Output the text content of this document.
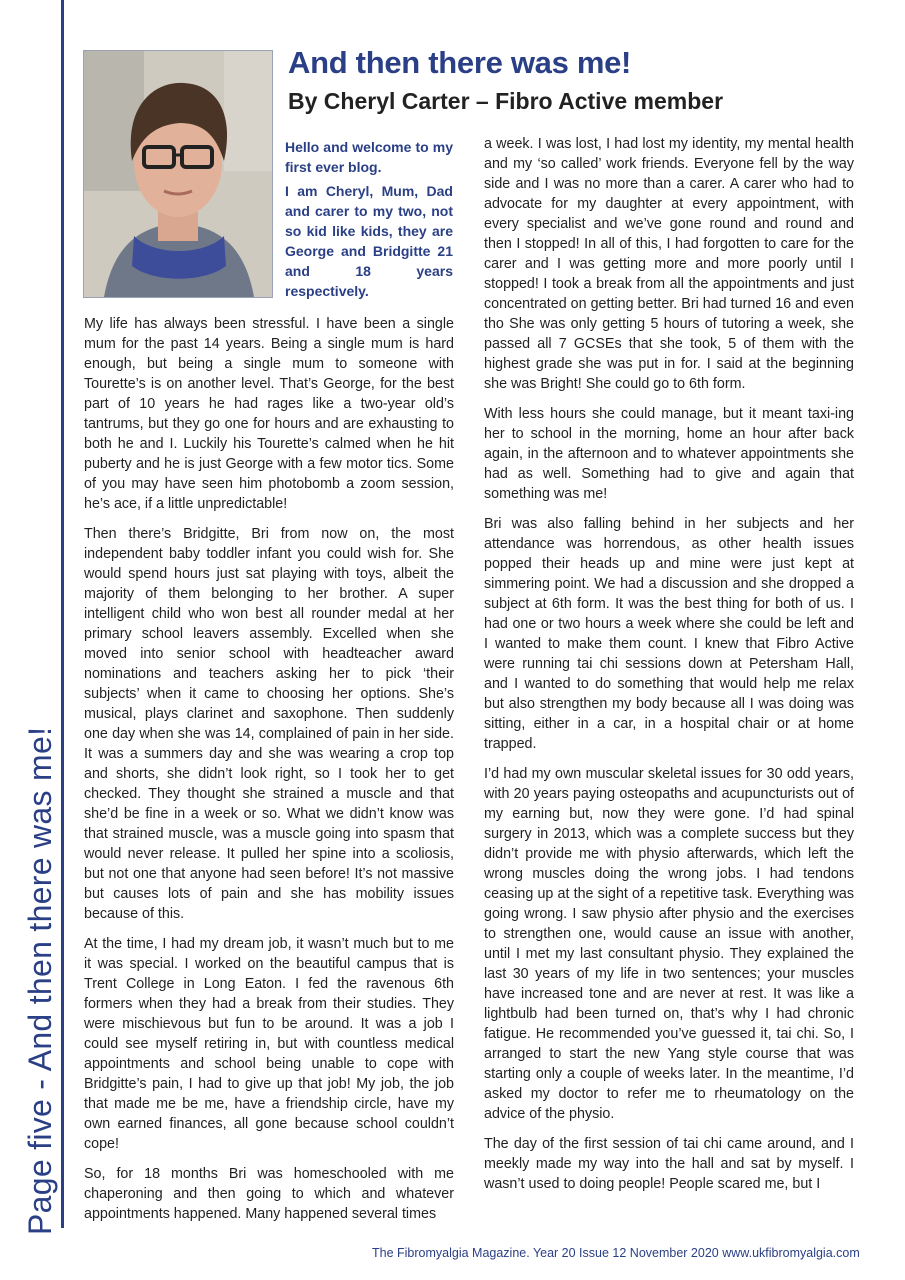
Page five - And then there was me!
And then there was me!
By Cheryl Carter – Fibro Active member

Hello and welcome to my first ever blog.

I am Cheryl, Mum, Dad and carer to my two, not so kid like kids, they are George and Bridgitte 21 and 18 years respectively.

My life has always been stressful. I have been a single mum for the past 14 years. Being a single mum is hard enough, but being a single mum to someone with Tourette’s is on another level. That’s George, for the best part of 10 years he had rages like a two-year old’s tantrums, but they go one for hours and are exhausting to both he and I. Luckily his Tourette’s calmed when he hit puberty and he is just George with a few motor tics. Some of you may have seen him photobomb a zoom session, he’s ace, if a little unpredictable!

Then there’s Bridgitte, Bri from now on, the most independent baby toddler infant you could wish for. She would spend hours just sat playing with toys, albeit the majority of them belonging to her brother. A super intelligent child who won best all rounder medal at her primary school leavers assembly. Excelled when she moved into senior school with headteacher award nominations and teachers asking her to pick ‘their subjects’ when it came to choosing her options. She’s musical, plays clarinet and saxophone. Then suddenly one day when she was 14, complained of pain in her side. It was a summers day and she was wearing a crop top and shorts, she didn’t look right, so I took her to get checked. They thought she strained a muscle and that she’d be fine in a week or so. What we didn’t know was that strained muscle, was a muscle going into spasm that would never release. It pulled her spine into a scoliosis, but not one that anyone had seen before! It’s not massive but causes lots of pain and she has mobility issues because of this.

At the time, I had my dream job, it wasn’t much but to me it was special. I worked on the beautiful campus that is Trent College in Long Eaton. I fed the ravenous 6th formers when they had a break from their studies. They were mischievous but fun to be around. It was a job I could see myself retiring in, but with countless medical appointments and school being unable to cope with Bridgitte’s pain, I had to give up that job! My job, the job that made me be me, have a friendship circle, have my own earned finances, all gone because school couldn’t cope!

So, for 18 months Bri was homeschooled with me chaperoning and then going to which and whatever appointments happened. Many happened several times

a week. I was lost, I had lost my identity, my mental health and my ‘so called’ work friends. Everyone fell by the way side and I was no more than a carer. A carer who had to advocate for my daughter at every appointment, with every specialist and we’ve gone round and round and then I stopped! In all of this, I had forgotten to care for the carer and I was getting more and more poorly until I stopped! I took a break from all the appointments and just concentrated on getting better. Bri had turned 16 and even tho She was only getting 5 hours of tutoring a week, she passed all 7 GCSEs that she took, 5 of them with the highest grade she was put in for. I said at the beginning she was Bright! She could go to 6th form.

With less hours she could manage, but it meant taxi-ing her to school in the morning, home an hour after back again, in the afternoon and to whatever appointments she had as well. Something had to give and again that something was me!

Bri was also falling behind in her subjects and her attendance was horrendous, as other health issues popped their heads up and mine were just kept at simmering point. We had a discussion and she dropped a subject at 6th form. It was the best thing for both of us. I had one or two hours a week where she could be left and I wanted to make them count. I knew that Fibro Active were running tai chi sessions down at Petersham Hall, and I wanted to do something that would help me relax but also strengthen my body because all I was doing was sitting, either in a car, in a hospital chair or at home trapped.

I’d had my own muscular skeletal issues for 30 odd years, with 20 years paying osteopaths and acupuncturists out of my earning but, now they were gone. I’d had spinal surgery in 2013, which was a complete success but they didn’t provide me with physio afterwards, which left the wrong muscles doing the wrong jobs. I had tendons ceasing up at the sight of a repetitive task. Everything was going wrong. I saw physio after physio and the exercises to strengthen one, would cause an issue with another, until I met my last consultant physio. They explained the last 30 years of my life in two sentences; your muscles have increased tone and are never at rest. It was like a lightbulb had been turned on, that’s why I had chronic fatigue. He recommended you’ve guessed it, tai chi. So, I arranged to start the new Yang style course that was starting only a couple of weeks later. In the meantime, I’d asked my doctor to refer me to rheumatology on the advice of the physio.

The day of the first session of tai chi came around, and I meekly made my way into the hall and sat by myself. I wasn’t used to doing people! People scared me, but I

The Fibromyalgia Magazine. Year 20 Issue 12 November 2020 www.ukfibromyalgia.com
